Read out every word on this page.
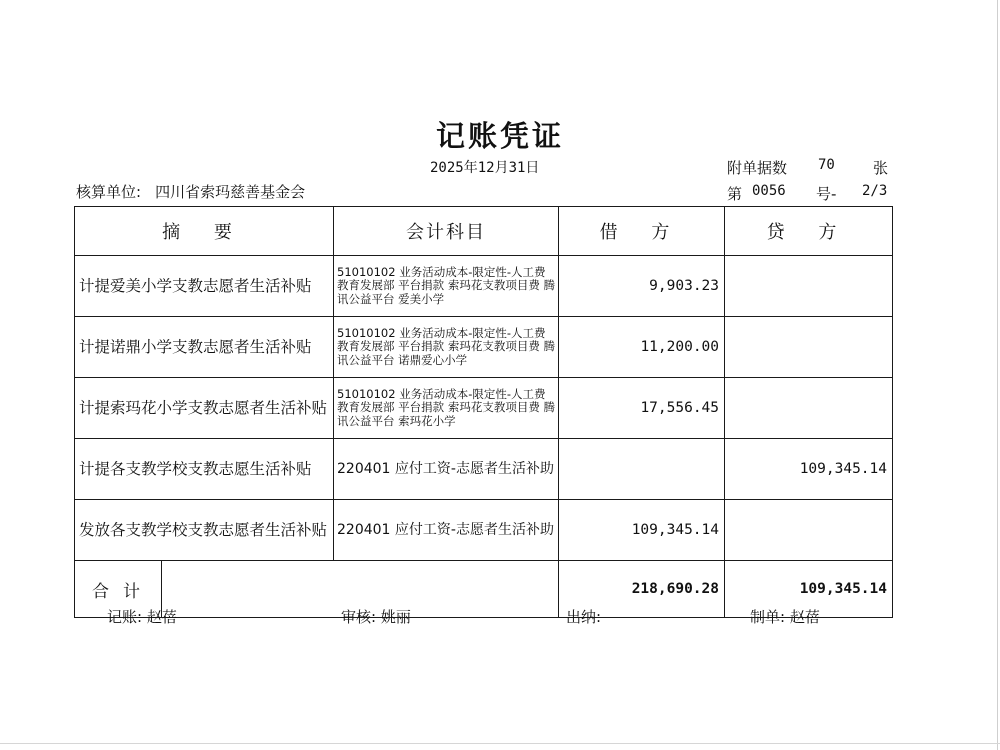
记账凭证
2025年12月31日	附单据数 70	张
核算单位: 四川省索玛慈善基金会	第 0056 号- 2/3
摘 要		会计科目	借 方	贷 方
计提爱美小学支教志愿者生活补贴		51010102 业务活动成本-限定性-人工费 教育发展部 平台捐款 索玛花支教项目费 腾讯公益平台 爱美小学	9,903.23	
计提诺鼎小学支教志愿者生活补贴		51010102 业务活动成本-限定性-人工费 教育发展部 平台捐款 索玛花支教项目费 腾讯公益平台 诺鼎爱心小学	11,200.00	
计提索玛花小学支教志愿者生活补贴		51010102 业务活动成本-限定性-人工费 教育发展部 平台捐款 索玛花支教项目费 腾讯公益平台 索玛花小学	17,556.45	
计提各支教学校支教志愿生活补贴		220401 应付工资-志愿者生活补助		109,345.14
发放各支教学校支教志愿者生活补贴		220401 应付工资-志愿者生活补助	109,345.14	
合计			218,690.28	109,345.14
记账: 赵蓓	审核: 姚丽	出纳:	制单: 赵蓓
